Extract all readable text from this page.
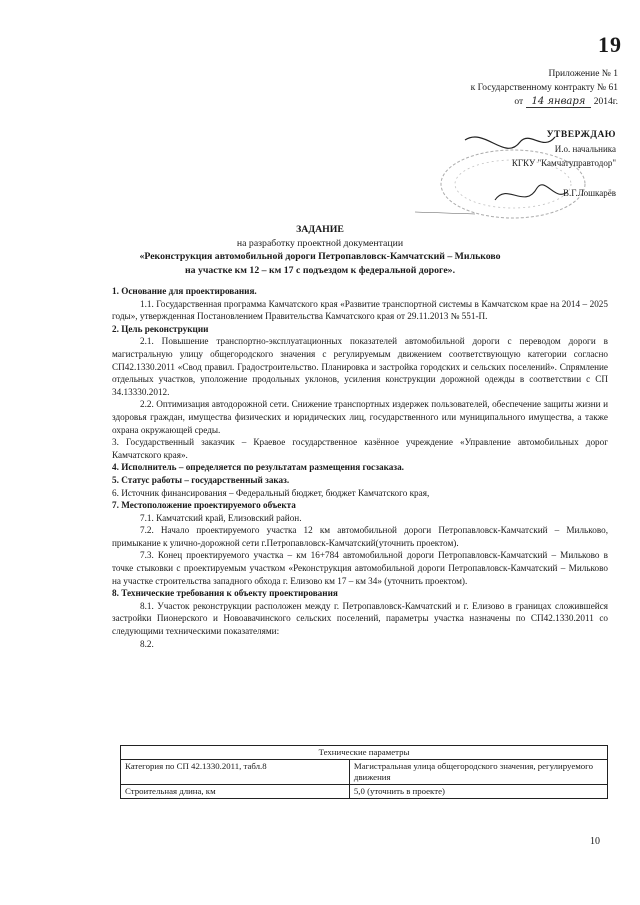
19
Приложение № 1
к Государственному контракту № 61
от 14 января 2014г.
УТВЕРЖДАЮ
И.о. начальника
КГКУ "Камчатуправтодор"
В.Г.Лошкарёв
ЗАДАНИЕ
на разработку проектной документации
«Реконструкция автомобильной дороги Петропавловск-Камчатский – Мильково
на участке км 12 – км 17 с подъездом к федеральной дороге».

1. Основание для проектирования.

1.1. Государственная программа Камчатского края «Развитие транспортной системы в Камчатском крае на 2014 – 2025 годы», утвержденная Постановлением Правительства Камчатского края от 29.11.2013 № 551-П.

2. Цель реконструкции

2.1. Повышение транспортно-эксплуатационных показателей автомобильной дороги с переводом дороги в магистральную улицу общегородского значения с регулируемым движением соответствующую категории согласно СП42.1330.2011 «Свод правил. Градостроительство. Планировка и застройка городских и сельских поселений». Спрямление отдельных участков, уположение продольных уклонов, усиления конструкции дорожной одежды в соответствии с СП 34.13330.2012.

2.2. Оптимизация автодорожной сети. Снижение транспортных издержек пользователей, обеспечение защиты жизни и здоровья граждан, имущества физических и юридических лиц, государственного или муниципального имущества, а также охрана окружающей среды.

3. Государственный заказчик – Краевое государственное казённое учреждение «Управление автомобильных дорог Камчатского края».

4. Исполнитель – определяется по результатам размещения госзаказа.

5. Статус работы – государственный заказ.

6. Источник финансирования – Федеральный бюджет, бюджет Камчатского края,

7. Местоположение проектируемого объекта

7.1. Камчатский край, Елизовский район.

7.2. Начало проектируемого участка 12 км автомобильной дороги Петропавловск-Камчатский – Мильково, примыкание к улично-дорожной сети г.Петропавловск-Камчатский(уточнить проектом).

7.3. Конец проектируемого участка – км 16+784 автомобильной дороги Петропавловск-Камчатский – Мильково в точке стыковки с проектируемым участком «Реконструкция автомобильной дороги Петропавловск-Камчатский – Мильково на участке строительства западного обхода г. Елизово км 17 – км 34» (уточнить проектом).

8. Технические требования к объекту проектирования

8.1. Участок реконструкции расположен между г. Петропавловск-Камчатский и г. Елизово в границах сложившейся застройки Пионерского и Новоавачинского сельских поселений, параметры участка назначены по СП42.1330.2011 со следующими техническими показателями:

8.2.

Технические параметры	
Категория по СП 42.1330.2011, табл.8	Магистральная улица общегородского значения, регулируемого движения
Строительная длина, км	5,0 (уточнить в проекте)
10
